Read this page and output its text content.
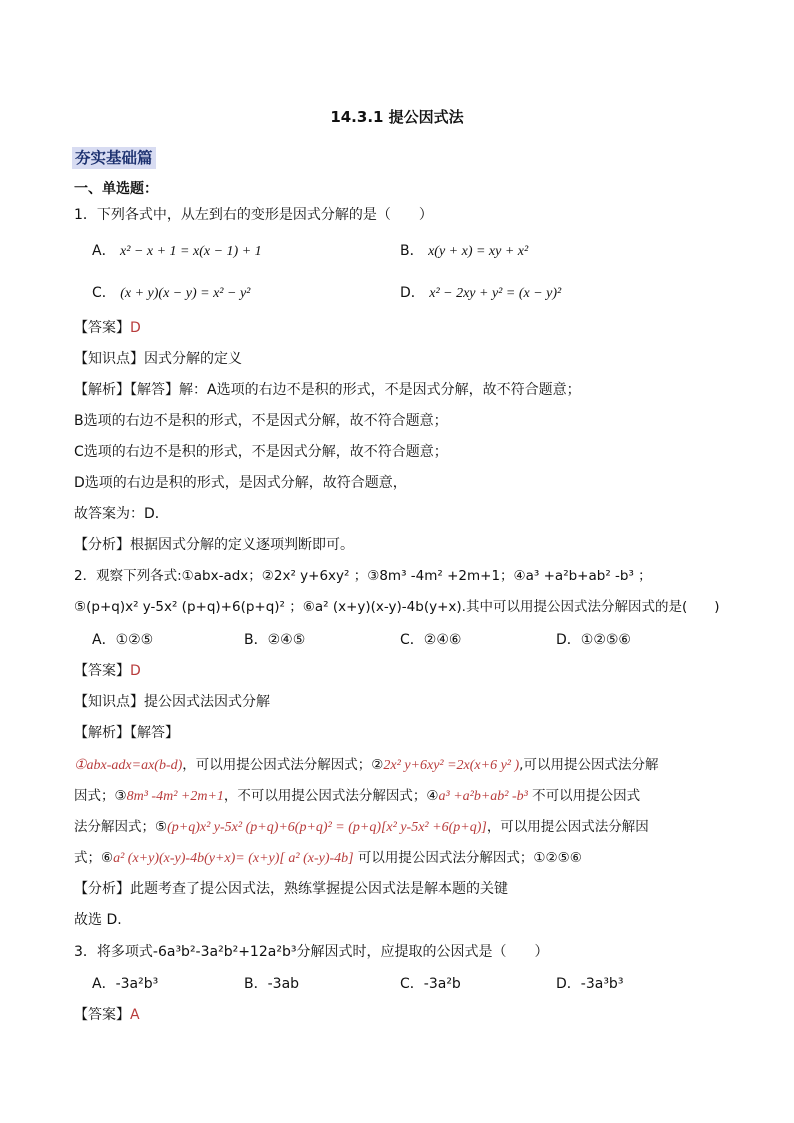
14.3.1 提公因式法
夯实基础篇
一、单选题：
1．下列各式中，从左到右的变形是因式分解的是（　　）
A． x² − x + 1 = x(x − 1) + 1	B． x(y + x) = xy + x²
C． (x + y)(x − y) = x² − y²	D． x² − 2xy + y² = (x − y)²
【答案】D
【知识点】因式分解的定义
【解析】【解答】解：A选项的右边不是积的形式，不是因式分解，故不符合题意；
B选项的右边不是积的形式，不是因式分解，故不符合题意；
C选项的右边不是积的形式，不是因式分解，故不符合题意；
D选项的右边是积的形式，是因式分解，故符合题意，
故答案为：D．
【分析】根据因式分解的定义逐项判断即可。
2．观察下列各式:①abx-adx；②2x² y+6xy² ；③8m³ -4m² +2m+1；④a³ +a²b+ab² -b³ ；
⑤(p+q)x² y-5x² (p+q)+6(p+q)² ；⑥a² (x+y)(x-y)-4b(y+x).其中可以用提公因式法分解因式的是(　　)
A．①②⑤	B．②④⑤	C．②④⑥	D．①②⑤⑥
【答案】D
【知识点】提公因式法因式分解
【解析】【解答】
①abx-adx=ax(b-d)，可以用提公因式法分解因式；②2x² y+6xy² =2x(x+6 y² ),可以用提公因式法分解
因式；③8m³ -4m² +2m+1，不可以用提公因式法分解因式；④a³ +a²b+ab² -b³ 不可以用提公因式
法分解因式；⑤(p+q)x² y-5x² (p+q)+6(p+q)² = (p+q)[x² y-5x² +6(p+q)]，可以用提公因式法分解因
式；⑥a² (x+y)(x-y)-4b(y+x)= (x+y)[ a² (x-y)-4b] 可以用提公因式法分解因式；①②⑤⑥
【分析】此题考查了提公因式法，熟练掌握提公因式法是解本题的关键
故选 D.
3．将多项式-6a³b²-3a²b²+12a²b³分解因式时，应提取的公因式是（　　）
A．-3a²b³	B．-3ab	C．-3a²b	D．-3a³b³
【答案】A
